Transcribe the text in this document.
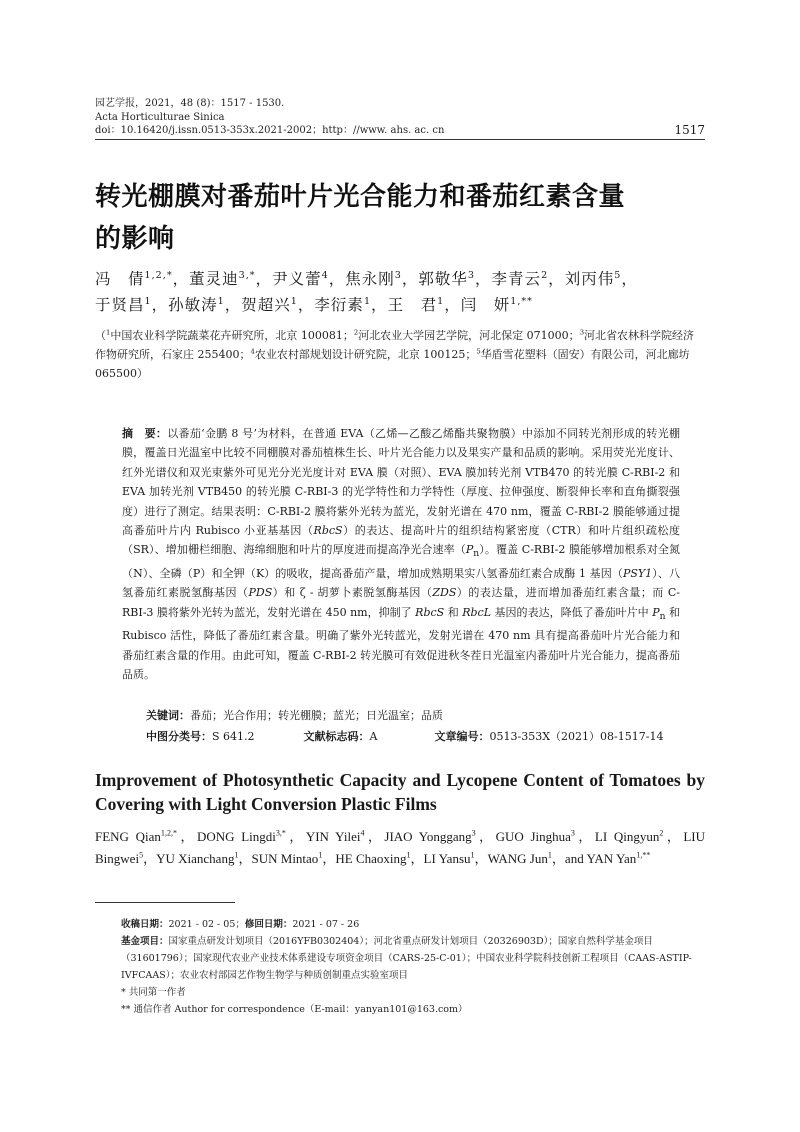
园艺学报，2021，48 (8)：1517 - 1530.
Acta Horticulturae Sinica
doi：10.16420/j.issn.0513-353x.2021-2002；http：//www. ahs. ac. cn	1517
转光棚膜对番茄叶片光合能力和番茄红素含量
的影响
冯　倩$^{1,2,*}$，董灵迪$^{3,*}$，尹义蕾$^4$，焦永刚$^3$，郭敬华$^3$，李青云$^2$，刘丙伟$^5$，
于贤昌$^1$，孙敏涛$^1$，贺超兴$^1$，李衍素$^1$，王　君$^1$，闫　妍$^{1,**}$
（$^1$中国农业科学院蔬菜花卉研究所，北京 100081；$^2$河北农业大学园艺学院，河北保定 071000；$^3$河北省农林科学院经济作物研究所，石家庄 255400；$^4$农业农村部规划设计研究院，北京 100125；$^5$华盾雪花塑料（固安）有限公司，河北廊坊 065500）
摘　要：以番茄‘金鹏 8 号’为材料，在普通 EVA（乙烯—乙酸乙烯酯共聚物膜）中添加不同转光剂形成的转光棚膜，覆盖日光温室中比较不同棚膜对番茄植株生长、叶片光合能力以及果实产量和品质的影响。采用荧光光度计、红外光谱仪和双光束紫外可见光分光光度计对 EVA 膜（对照）、EVA 膜加转光剂 VTB470 的转光膜 C-RBI-2 和 EVA 加转光剂 VTB450 的转光膜 C-RBI-3 的光学特性和力学特性（厚度、拉伸强度、断裂伸长率和直角撕裂强度）进行了测定。结果表明：C-RBI-2 膜将紫外光转为蓝光，发射光谱在 470 nm，覆盖 C-RBI-2 膜能够通过提高番茄叶片内 Rubisco 小亚基基因（RbcS）的表达、提高叶片的组织结构紧密度（CTR）和叶片组织疏松度（SR）、增加栅栏细胞、海绵细胞和叶片的厚度进而提高净光合速率$(P_n)$。覆盖 C-RBI-2 膜能够增加根系对全氮（N）、全磷（P）和全钾（K）的吸收，提高番茄产量，增加成熟期果实八氢番茄红素合成酶 1 基因（PSY1）、八氢番茄红素脱氢酶基因（PDS）和 ζ - 胡萝卜素脱氢酶基因（ZDS）的表达量，进而增加番茄红素含量；而 C-RBI-3 膜将紫外光转为蓝光，发射光谱在 450 nm，抑制了 RbcS 和 RbcL 基因的表达，降低了番茄叶片中 $P_n$ 和 Rubisco 活性，降低了番茄红素含量。明确了紫外光转蓝光，发射光谱在 470 nm 具有提高番茄叶片光合能力和番茄红素含量的作用。由此可知，覆盖 C-RBI-2 转光膜可有效促进秋冬茬日光温室内番茄叶片光合能力，提高番茄品质。
关键词：番茄；光合作用；转光棚膜；蓝光；日光温室；品质
中图分类号：S 641.2	文献标志码：A	文章编号：0513-353X（2021）08-1517-14
Improvement of Photosynthetic Capacity and Lycopene Content of Tomatoes by Covering with Light Conversion Plastic Films
FENG Qian$^{1,2,*}$，DONG Lingdi$^{3,*}$，YIN Yilei$^4$，JIAO Yonggang$^3$，GUO Jinghua$^3$，LI Qingyun$^2$，LIU Bingwei$^5$，YU Xianchang$^1$，SUN Mintao$^1$，HE Chaoxing$^1$，LI Yansu$^1$，WANG Jun$^1$，and YAN Yan$^{1,**}$
收稿日期：2021 - 02 - 05；修回日期：2021 - 07 - 26
基金项目：国家重点研发计划项目（2016YFB0302404）；河北省重点研发计划项目（20326903D）；国家自然科学基金项目（31601796）；国家现代农业产业技术体系建设专项资金项目（CARS-25-C-01）；中国农业科学院科技创新工程项目（CAAS-ASTIP-IVFCAAS）；农业农村部园艺作物生物学与种质创制重点实验室项目
* 共同第一作者
** 通信作者 Author for correspondence（E-mail：yanyan101@163.com）
